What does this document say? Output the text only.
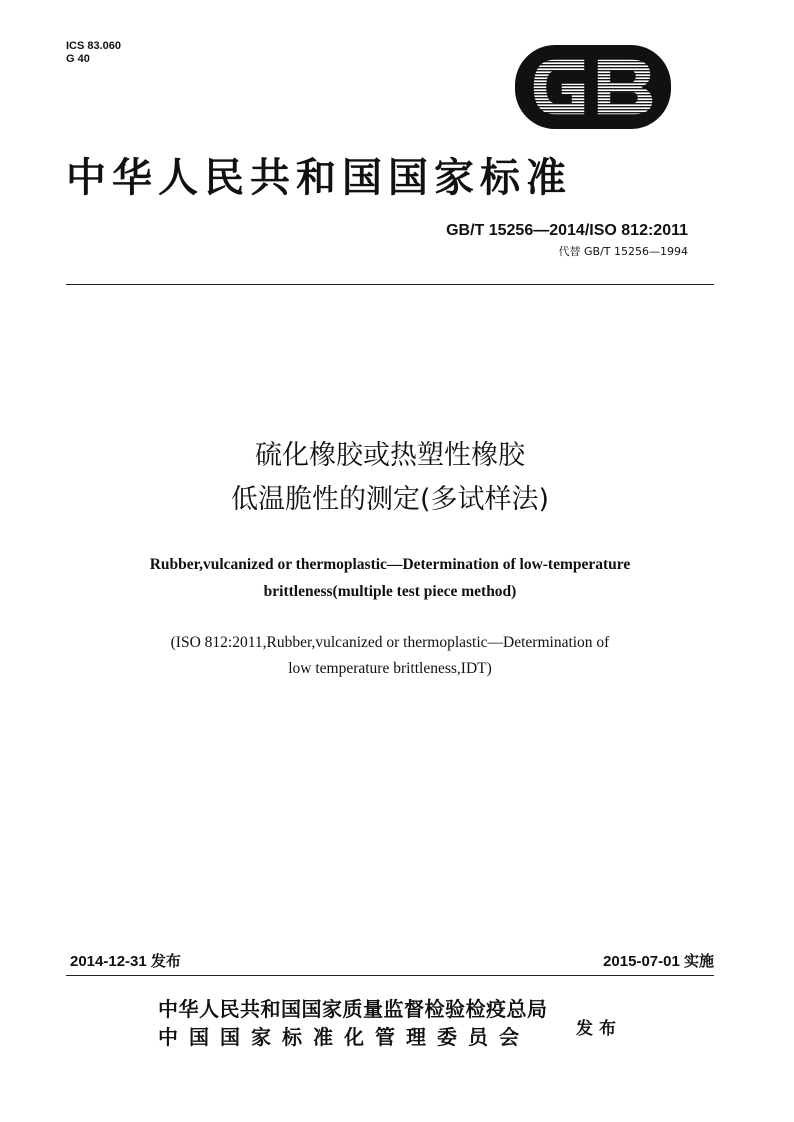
ICS 83.060
G 40
中华人民共和国国家标准
GB/T 15256—2014/ISO 812:2011
代替 GB/T 15256—1994
硫化橡胶或热塑性橡胶
低温脆性的测定(多试样法)
Rubber,vulcanized or thermoplastic—Determination of low-temperature
brittleness(multiple test piece method)
(ISO 812:2011,Rubber,vulcanized or thermoplastic—Determination of
low temperature brittleness,IDT)
2014-12-31 发布	2015-07-01 实施
中华人民共和国国家质量监督检验检疫总局
中国国家标准化管理委员会	发布
